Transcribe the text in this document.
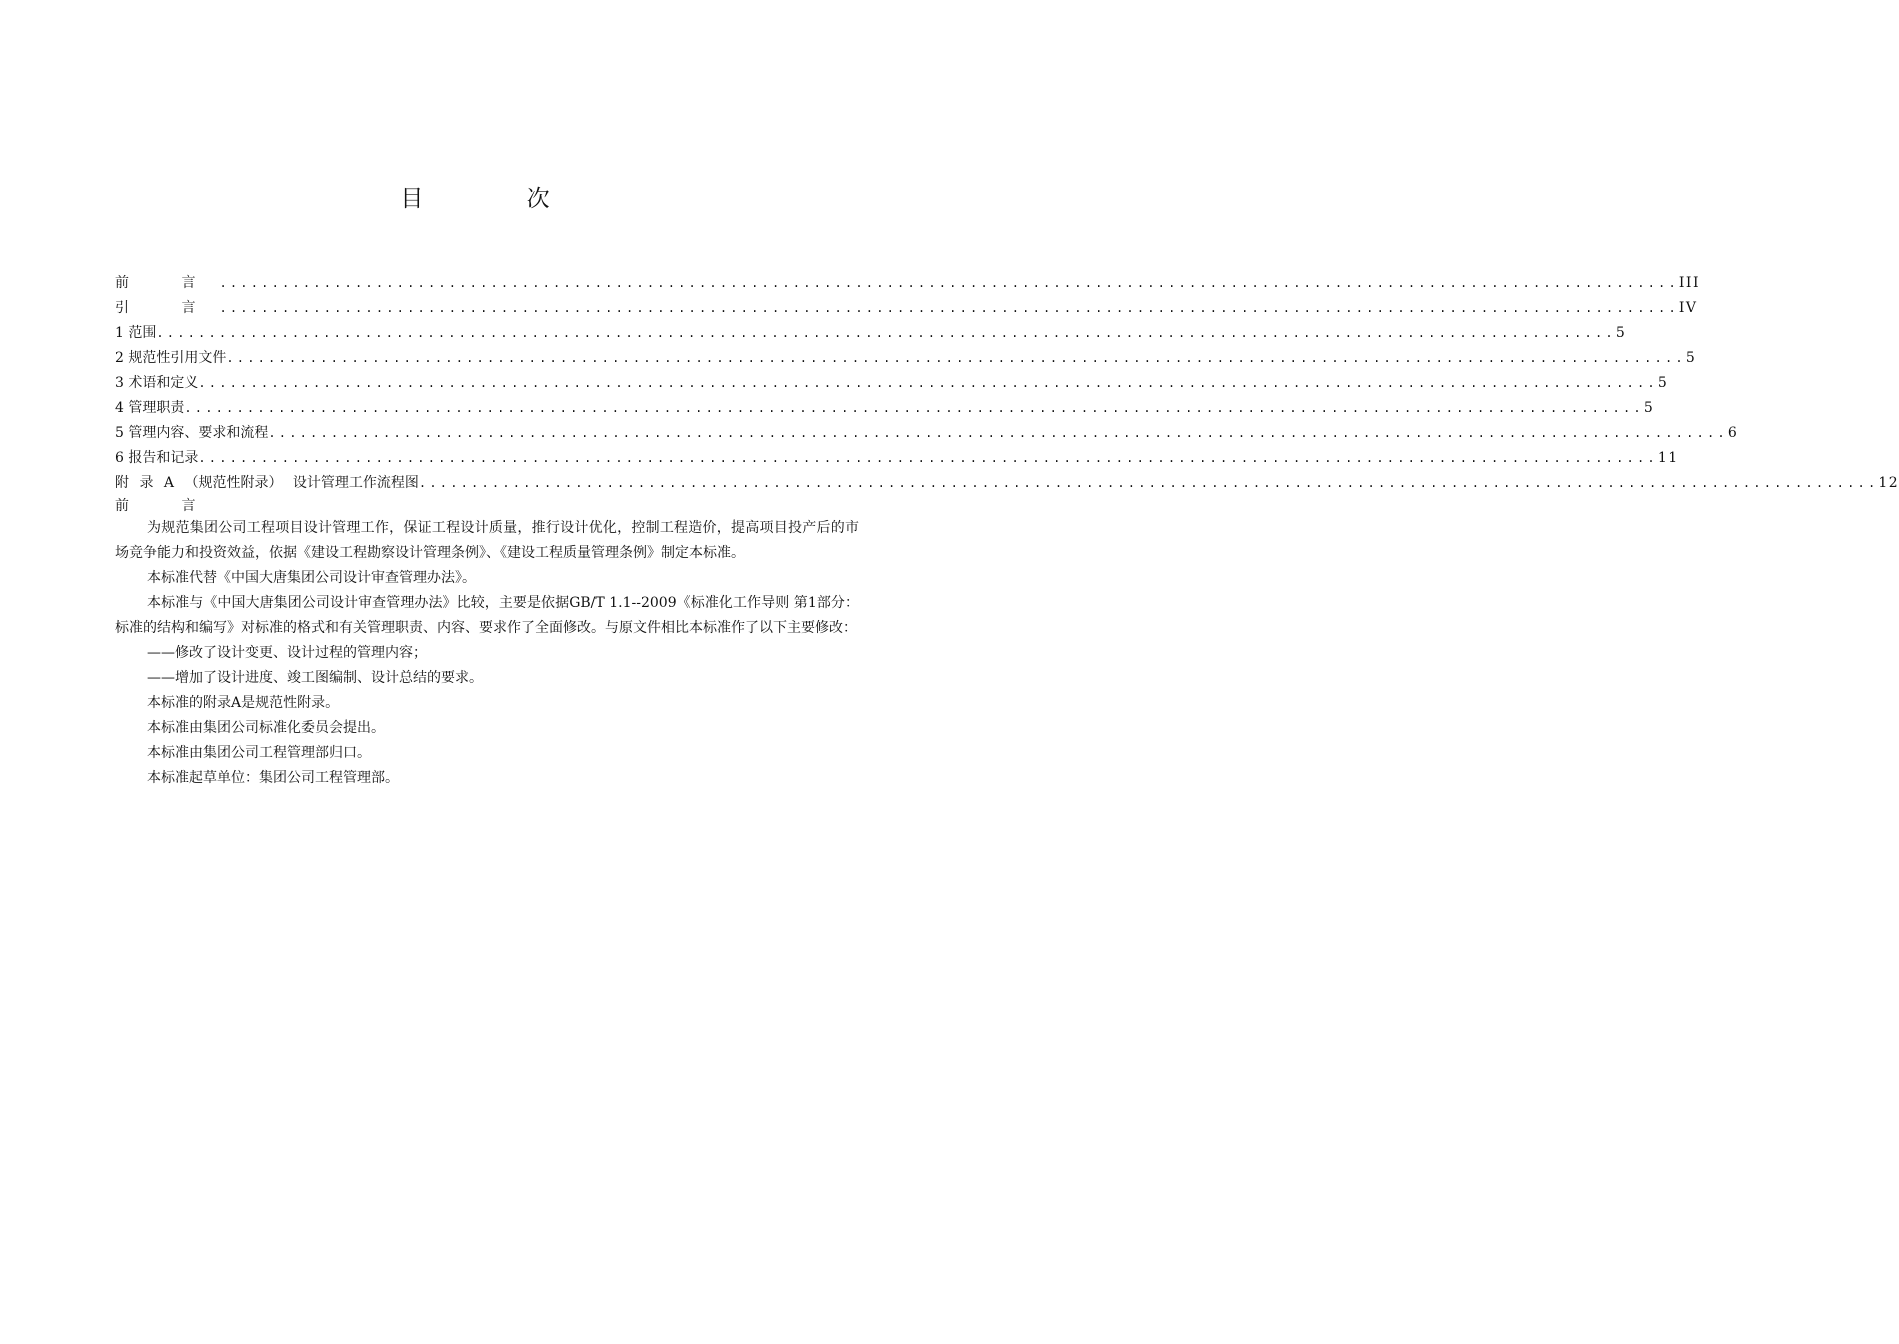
目 次
前 言 ............................................................................................................................................ III
引 言 ............................................................................................................................................ IV
1 范围 ............................................................................................................................................ 5
2 规范性引用文件 ............................................................................................................................................ 5
3 术语和定义 ............................................................................................................................................ 5
4 管理职责 ............................................................................................................................................ 5
5 管理内容、要求和流程 ............................................................................................................................................ 6
6 报告和记录 ............................................................................................................................................ 11
附 录 A （规范性附录） 设计管理工作流程图 ............................................................................................................................................ 12
前 言

为规范集团公司工程项目设计管理工作，保证工程设计质量，推行设计优化，控制工程造价，提高项目投产后的市场竞争能力和投资效益，依据《建设工程勘察设计管理条例》、《建设工程质量管理条例》制定本标准。

本标准代替《中国大唐集团公司设计审查管理办法》。

本标准与《中国大唐集团公司设计审查管理办法》比较，主要是依据GB/T 1.1--2009《标准化工作导则 第1部分：标准的结构和编写》对标准的格式和有关管理职责、内容、要求作了全面修改。与原文件相比本标准作了以下主要修改：

——修改了设计变更、设计过程的管理内容；

——增加了设计进度、竣工图编制、设计总结的要求。

本标准的附录A是规范性附录。

本标准由集团公司标准化委员会提出。

本标准由集团公司工程管理部归口。

本标准起草单位：集团公司工程管理部。
